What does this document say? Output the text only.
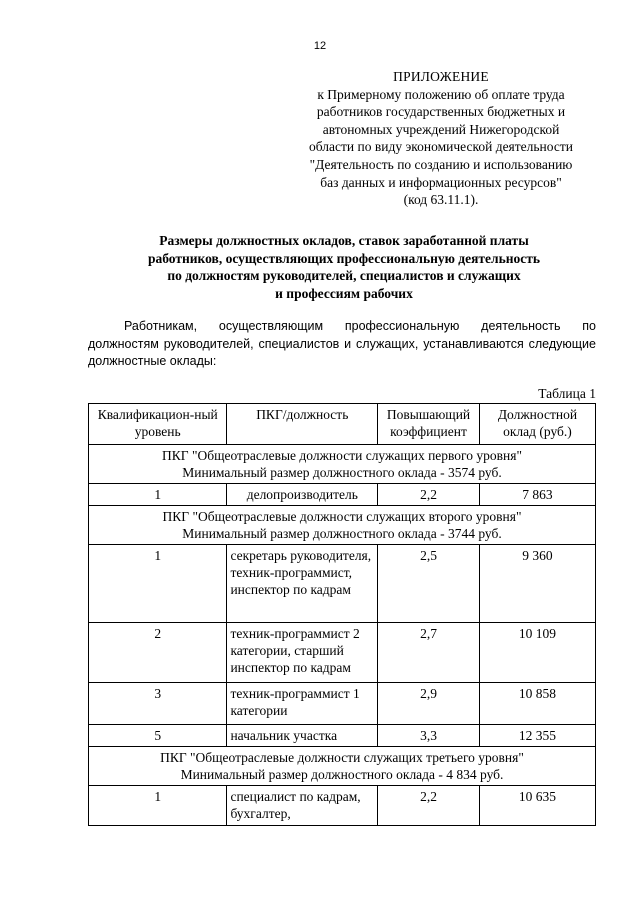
12
ПРИЛОЖЕНИЕ
к Примерному положению об оплате труда
работников государственных бюджетных и
автономных учреждений Нижегородской
области по виду экономической деятельности
"Деятельность по созданию и использованию
баз данных и информационных ресурсов"
(код 63.11.1).
Размеры должностных окладов, ставок заработанной платы
работников, осуществляющих профессиональную деятельность
по должностям руководителей, специалистов и служащих
и профессиям рабочих
Работникам, осуществляющим профессиональную деятельность по должностям руководителей, специалистов и служащих, устанавливаются следующие должностные оклады:
Таблица 1
Квалификацион-ный уровень	ПКГ/должность	Повышающий коэффициент	Должностной оклад (руб.)

ПКГ "Общеотраслевые должности служащих первого уровня"
Минимальный размер должностного оклада - 3574 руб.			

1	делопроизводитель	2,2	7 863

ПКГ "Общеотраслевые должности служащих второго уровня"
Минимальный размер должностного оклада - 3744 руб.			

1	секретарь руководителя, техник-программист, инспектор по кадрам	2,5	9 360
2	техник-программист 2 категории, старший инспектор по кадрам	2,7	10 109
3	техник-программист 1 категории	2,9	10 858
5	начальник участка	3,3	12 355

ПКГ "Общеотраслевые должности служащих третьего уровня"
Минимальный размер должностного оклада - 4 834 руб.			

1	специалист по кадрам, бухгалтер,	2,2	10 635
